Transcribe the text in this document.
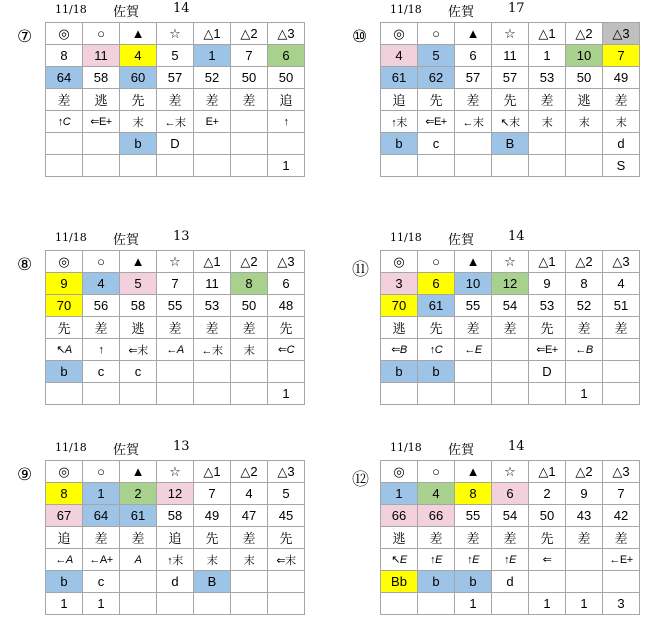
11/18 佐賀	14
⑦ ◎	○	▲	☆	△1	△2	△3
8	11	4	5	1	7	6
64	58	60	57	52	50	50
差	逃	先	差	差	差	追
↑C	⇐E+	末	←末	E+		↑
		b	D			
						1
11/18 佐賀	17
⑩ ◎	○	▲	☆	△1	△2	△3
4	5	6	11	1	10	7
61	62	57	57	53	50	49
追	先	差	先	差	逃	差
↑末	⇐E+	←末	↖末	末	末	末
b	c		B			d
						S
11/18 佐賀	13
⑧ ◎	○	▲	☆	△1	△2	△3
9	4	5	7	11	8	6
70	56	58	55	53	50	48
先	差	逃	差	差	差	先
↖A	↑	⇐末	←A	←末	末	⇐C
b	c	c				
						1
11/18 佐賀	14
⑪ ◎	○	▲	☆	△1	△2	△3
3	6	10	12	9	8	4
70	61	55	54	53	52	51
逃	先	差	差	先	差	差
⇐B	↑C	←E		⇐E+	←B	
b	b			D		
					1	
11/18 佐賀	13
⑨ ◎	○	▲	☆	△1	△2	△3
8	1	2	12	7	4	5
67	64	61	58	49	47	45
追	差	差	追	先	差	先
←A	←A+	A	↑末	末	末	⇐末
b	c		d	B		
1	1					
11/18 佐賀	14
⑫ ◎	○	▲	☆	△1	△2	△3
1	4	8	6	2	9	7
66	66	55	54	50	43	42
逃	差	差	差	先	差	差
↖E	↑E	↑E	↑E	⇐		←E+
Bb	b	b	d			
		1		1	1	3
